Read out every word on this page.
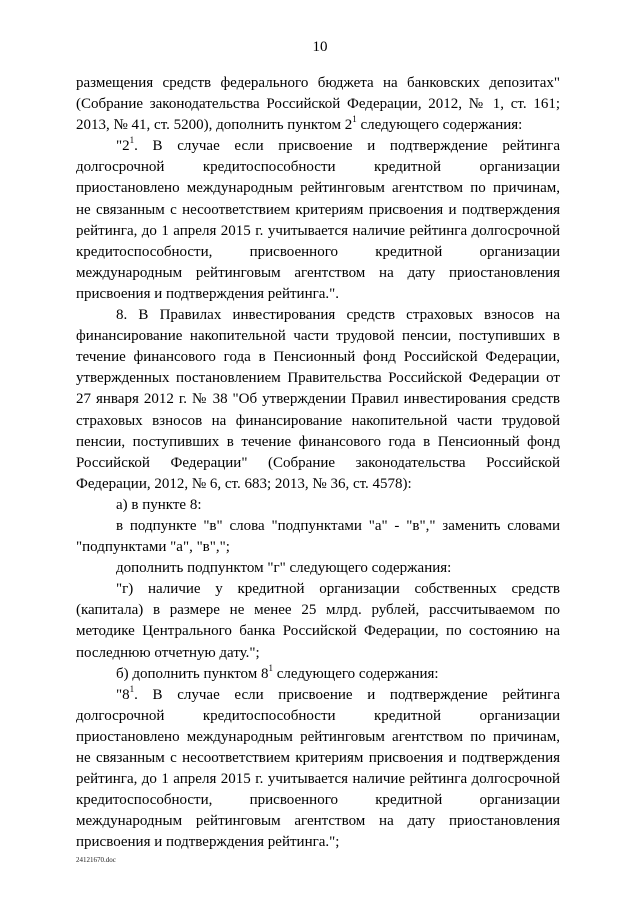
10

размещения средств федерального бюджета на банковских депозитах" (Собрание законодательства Российской Федерации, 2012, № 1, ст. 161; 2013, № 41, ст. 5200), дополнить пунктом $2^1$ следующего содержания:

"$2^1$. В случае если присвоение и подтверждение рейтинга долгосрочной кредитоспособности кредитной организации приостановлено международным рейтинговым агентством по причинам, не связанным с несоответствием критериям присвоения и подтверждения рейтинга, до 1 апреля 2015 г. учитывается наличие рейтинга долгосрочной кредитоспособности, присвоенного кредитной организации международным рейтинговым агентством на дату приостановления присвоения и подтверждения рейтинга.".

8. В Правилах инвестирования средств страховых взносов на финансирование накопительной части трудовой пенсии, поступивших в течение финансового года в Пенсионный фонд Российской Федерации, утвержденных постановлением Правительства Российской Федерации от 27 января 2012 г. № 38 "Об утверждении Правил инвестирования средств страховых взносов на финансирование накопительной части трудовой пенсии, поступивших в течение финансового года в Пенсионный фонд Российской Федерации" (Собрание законодательства Российской Федерации, 2012, № 6, ст. 683; 2013, № 36, ст. 4578):

а) в пункте 8:

в подпункте "в" слова "подпунктами "а" - "в"," заменить словами "подпунктами "а", "в",";

дополнить подпунктом "г" следующего содержания:

"г) наличие у кредитной организации собственных средств (капитала) в размере не менее 25 млрд. рублей, рассчитываемом по методике Центрального банка Российской Федерации, по состоянию на последнюю отчетную дату.";

б) дополнить пунктом $8^1$ следующего содержания:

"$8^1$. В случае если присвоение и подтверждение рейтинга долгосрочной кредитоспособности кредитной организации приостановлено международным рейтинговым агентством по причинам, не связанным с несоответствием критериям присвоения и подтверждения рейтинга, до 1 апреля 2015 г. учитывается наличие рейтинга долгосрочной кредитоспособности, присвоенного кредитной организации международным рейтинговым агентством на дату приостановления присвоения и подтверждения рейтинга.";

24121670.doc
